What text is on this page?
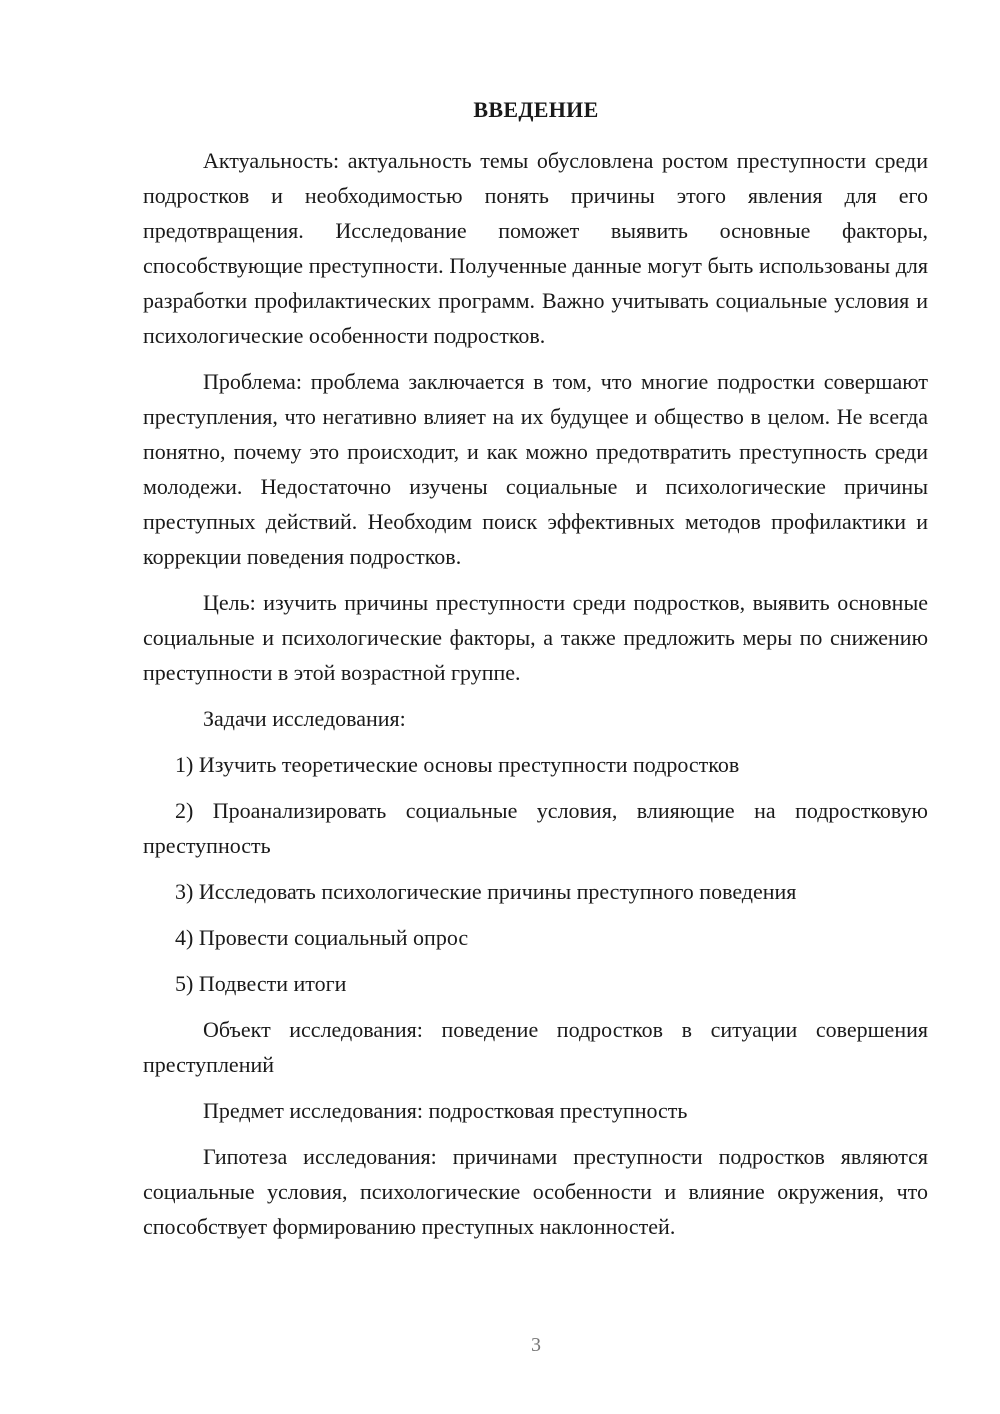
ВВЕДЕНИЕ

Актуальность: актуальность темы обусловлена ростом преступности среди подростков и необходимостью понять причины этого явления для его предотвращения. Исследование поможет выявить основные факторы, способствующие преступности. Полученные данные могут быть использованы для разработки профилактических программ. Важно учитывать социальные условия и психологические особенности подростков.

Проблема: проблема заключается в том, что многие подростки совершают преступления, что негативно влияет на их будущее и общество в целом. Не всегда понятно, почему это происходит, и как можно предотвратить преступность среди молодежи. Недостаточно изучены социальные и психологические причины преступных действий. Необходим поиск эффективных методов профилактики и коррекции поведения подростков.

Цель: изучить причины преступности среди подростков, выявить основные социальные и психологические факторы, а также предложить меры по снижению преступности в этой возрастной группе.

Задачи исследования:

1) Изучить теоретические основы преступности подростков

2) Проанализировать социальные условия, влияющие на подростковую преступность

3) Исследовать психологические причины преступного поведения

4) Провести социальный опрос

5) Подвести итоги

Объект исследования: поведение подростков в ситуации совершения преступлений

Предмет исследования: подростковая преступность

Гипотеза исследования: причинами преступности подростков являются социальные условия, психологические особенности и влияние окружения, что способствует формированию преступных наклонностей.

3
